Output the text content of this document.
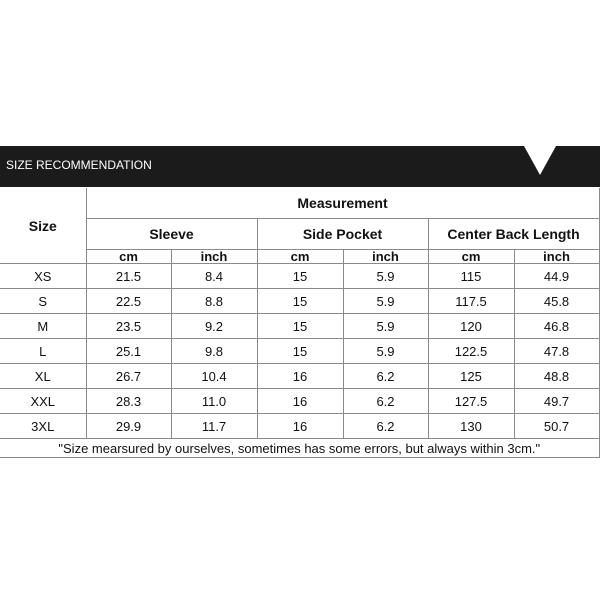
SIZE RECOMMENDATION
Size	Measurement					
	Sleeve		Side Pocket		Center Back Length	
	cm	inch	cm	inch	cm	inch
XS	21.5	8.4	15	5.9	115	44.9
S	22.5	8.8	15	5.9	117.5	45.8
M	23.5	9.2	15	5.9	120	46.8
L	25.1	9.8	15	5.9	122.5	47.8
XL	26.7	10.4	16	6.2	125	48.8
XXL	28.3	11.0	16	6.2	127.5	49.7
3XL	29.9	11.7	16	6.2	130	50.7
"Size mearsured by ourselves, sometimes has some errors, but always within 3cm."						
